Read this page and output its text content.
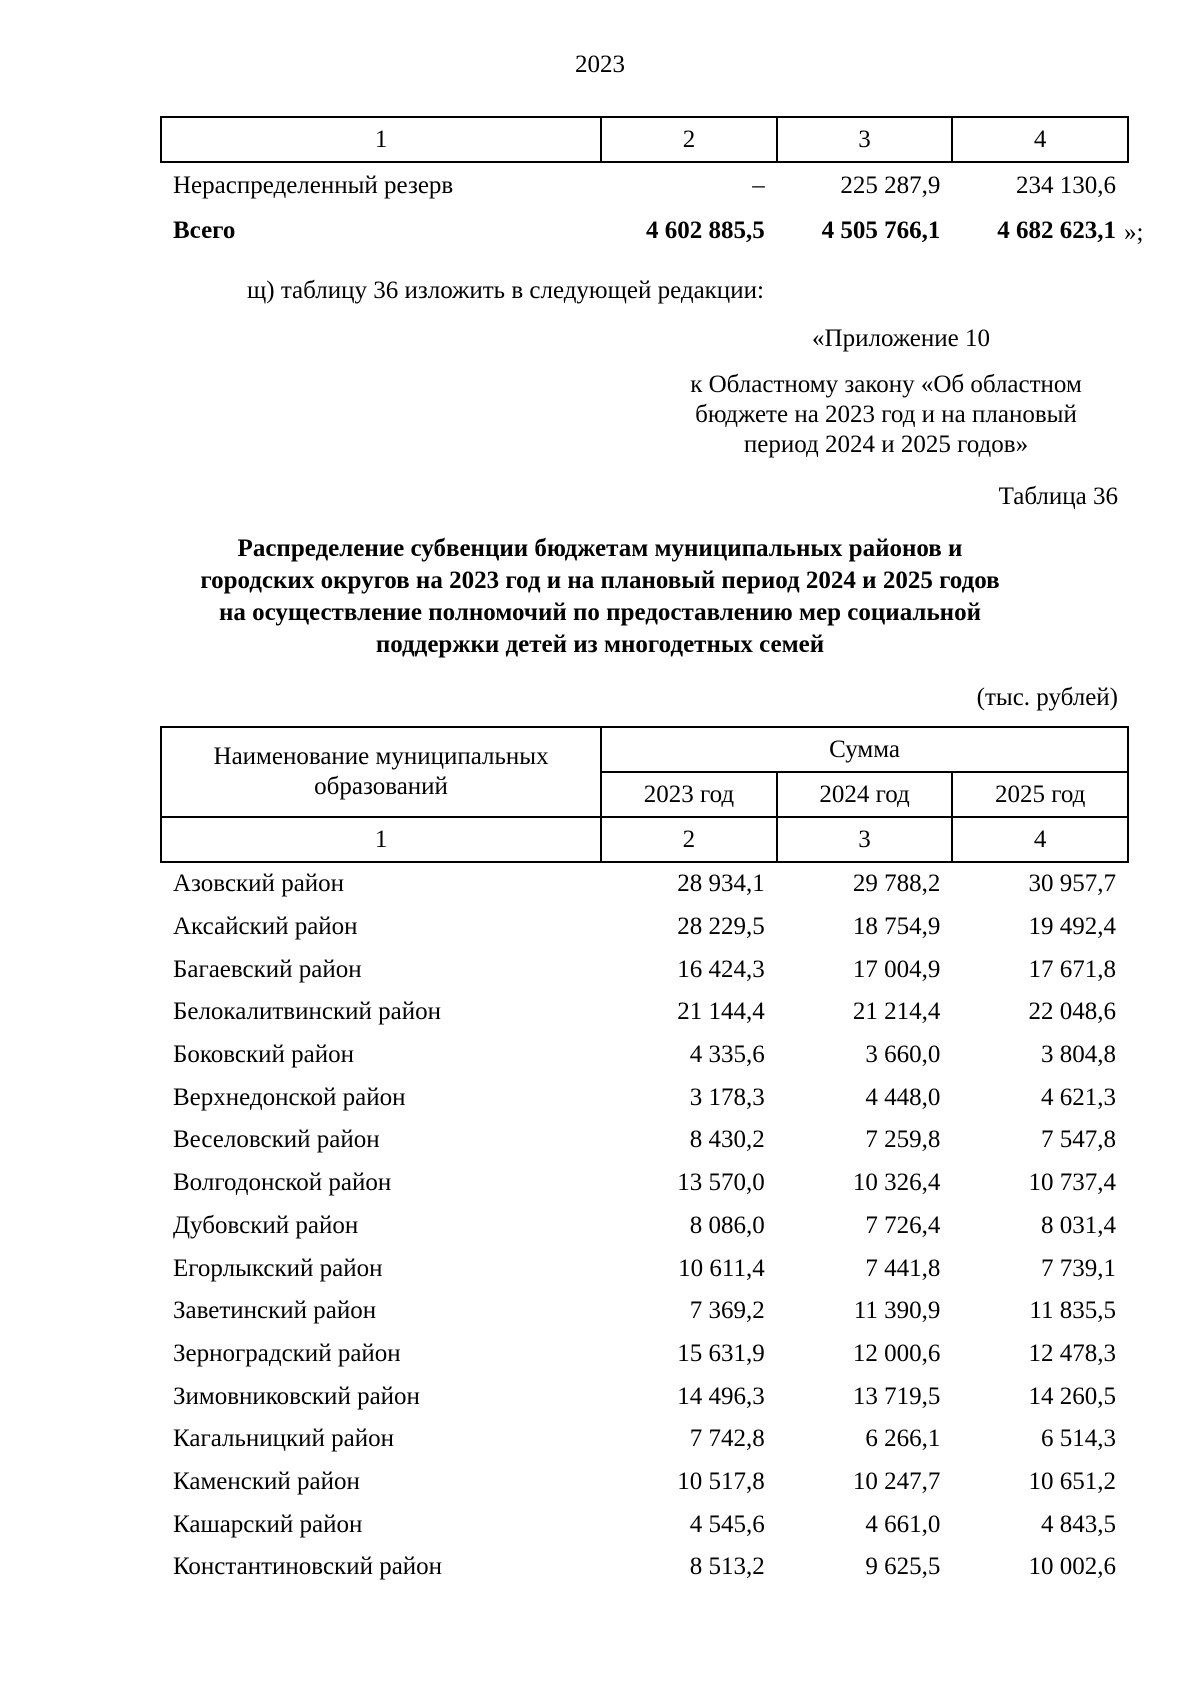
2023
1	2	3	4
Нераспределенный резерв	–	225 287,9	234 130,6
Всего	4 602 885,5	4 505 766,1	4 682 623,1 »;
щ) таблицу 36 изложить в следующей редакции:
«Приложение 10
к Областному закону «Об областном
бюджете на 2023 год и на плановый
период 2024 и 2025 годов»
Таблица 36
Распределение субвенции бюджетам муниципальных районов и
городских округов на 2023 год и на плановый период 2024 и 2025 годов
на осуществление полномочий по предоставлению мер социальной
поддержки детей из многодетных семей
(тыс. рублей)
Наименование муниципальных образований	Сумма		
	2023 год	2024 год	2025 год
1	2	3	4
Азовский район	28 934,1	29 788,2	30 957,7
Аксайский район	28 229,5	18 754,9	19 492,4
Багаевский район	16 424,3	17 004,9	17 671,8
Белокалитвинский район	21 144,4	21 214,4	22 048,6
Боковский район	4 335,6	3 660,0	3 804,8
Верхнедонской район	3 178,3	4 448,0	4 621,3
Веселовский район	8 430,2	7 259,8	7 547,8
Волгодонской район	13 570,0	10 326,4	10 737,4
Дубовский район	8 086,0	7 726,4	8 031,4
Егорлыкский район	10 611,4	7 441,8	7 739,1
Заветинский район	7 369,2	11 390,9	11 835,5
Зерноградский район	15 631,9	12 000,6	12 478,3
Зимовниковский район	14 496,3	13 719,5	14 260,5
Кагальницкий район	7 742,8	6 266,1	6 514,3
Каменский район	10 517,8	10 247,7	10 651,2
Кашарский район	4 545,6	4 661,0	4 843,5
Константиновский район	8 513,2	9 625,5	10 002,6
